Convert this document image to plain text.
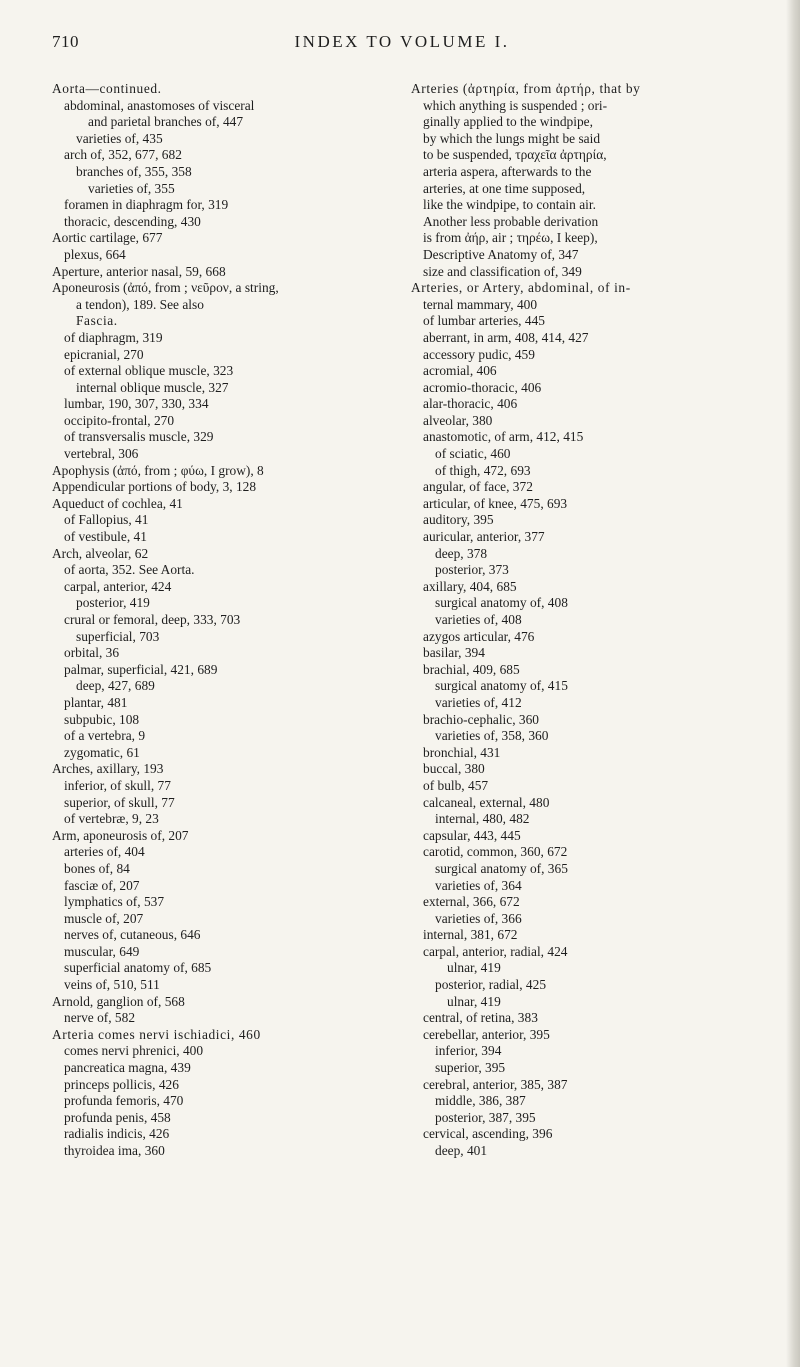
710	INDEX TO VOLUME I.
Aorta—continued.
abdominal, anastomoses of visceral
and parietal branches of, 447
varieties of, 435
arch of, 352, 677, 682
branches of, 355, 358
varieties of, 355
foramen in diaphragm for, 319
thoracic, descending, 430
Aortic cartilage, 677
plexus, 664
Aperture, anterior nasal, 59, 668
Aponeurosis (ἀπό, from ; νεῦρον, a string,
a tendon), 189. See also
Fascia.
of diaphragm, 319
epicranial, 270
of external oblique muscle, 323
internal oblique muscle, 327
lumbar, 190, 307, 330, 334
occipito-frontal, 270
of transversalis muscle, 329
vertebral, 306
Apophysis (ἀπό, from ; φύω, I grow), 8
Appendicular portions of body, 3, 128
Aqueduct of cochlea, 41
of Fallopius, 41
of vestibule, 41
Arch, alveolar, 62
of aorta, 352. See Aorta.
carpal, anterior, 424
posterior, 419
crural or femoral, deep, 333, 703
superficial, 703
orbital, 36
palmar, superficial, 421, 689
deep, 427, 689
plantar, 481
subpubic, 108
of a vertebra, 9
zygomatic, 61
Arches, axillary, 193
inferior, of skull, 77
superior, of skull, 77
of vertebræ, 9, 23
Arm, aponeurosis of, 207
arteries of, 404
bones of, 84
fasciæ of, 207
lymphatics of, 537
muscle of, 207
nerves of, cutaneous, 646
muscular, 649
superficial anatomy of, 685
veins of, 510, 511
Arnold, ganglion of, 568
nerve of, 582
Arteria comes nervi ischiadici, 460
comes nervi phrenici, 400
pancreatica magna, 439
princeps pollicis, 426
profunda femoris, 470
profunda penis, 458
radialis indicis, 426
thyroidea ima, 360
Arteries (ἀρτηρία, from ἀρτήρ, that by
which anything is suspended ; ori-
ginally applied to the windpipe,
by which the lungs might be said
to be suspended, τραχεῖα ἀρτηρία,
arteria aspera, afterwards to the
arteries, at one time supposed,
like the windpipe, to contain air.
Another less probable derivation
is from ἀήρ, air ; τηρέω, I keep),
Descriptive Anatomy of, 347
size and classification of, 349
Arteries, or Artery, abdominal, of in-
ternal mammary, 400
of lumbar arteries, 445
aberrant, in arm, 408, 414, 427
accessory pudic, 459
acromial, 406
acromio-thoracic, 406
alar-thoracic, 406
alveolar, 380
anastomotic, of arm, 412, 415
of sciatic, 460
of thigh, 472, 693
angular, of face, 372
articular, of knee, 475, 693
auditory, 395
auricular, anterior, 377
deep, 378
posterior, 373
axillary, 404, 685
surgical anatomy of, 408
varieties of, 408
azygos articular, 476
basilar, 394
brachial, 409, 685
surgical anatomy of, 415
varieties of, 412
brachio-cephalic, 360
varieties of, 358, 360
bronchial, 431
buccal, 380
of bulb, 457
calcaneal, external, 480
internal, 480, 482
capsular, 443, 445
carotid, common, 360, 672
surgical anatomy of, 365
varieties of, 364
external, 366, 672
varieties of, 366
internal, 381, 672
carpal, anterior, radial, 424
ulnar, 419
posterior, radial, 425
ulnar, 419
central, of retina, 383
cerebellar, anterior, 395
inferior, 394
superior, 395
cerebral, anterior, 385, 387
middle, 386, 387
posterior, 387, 395
cervical, ascending, 396
deep, 401
